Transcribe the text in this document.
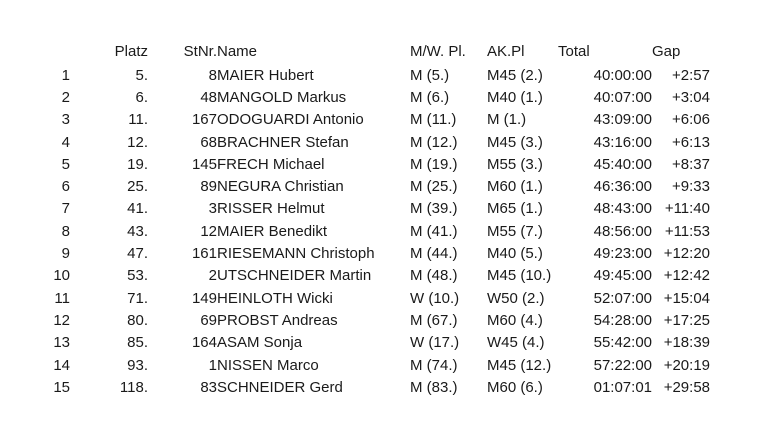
	Platz	StNr.	Name	M/W. Pl.	AK.Pl	Total	Gap
1	5.	8	MAIER Hubert	M (5.)	M45 (2.)	40:00:00	+2:57
2	6.	48	MANGOLD Markus	M (6.)	M40 (1.)	40:07:00	+3:04
3	11.	167	ODOGUARDI Antonio	M (11.)	M (1.)	43:09:00	+6:06
4	12.	68	BRACHNER Stefan	M (12.)	M45 (3.)	43:16:00	+6:13
5	19.	145	FRECH Michael	M (19.)	M55 (3.)	45:40:00	+8:37
6	25.	89	NEGURA Christian	M (25.)	M60 (1.)	46:36:00	+9:33
7	41.	3	RISSER Helmut	M (39.)	M65 (1.)	48:43:00	+11:40
8	43.	12	MAIER Benedikt	M (41.)	M55 (7.)	48:56:00	+11:53
9	47.	161	RIESEMANN Christoph	M (44.)	M40 (5.)	49:23:00	+12:20
10	53.	2	UTSCHNEIDER Martin	M (48.)	M45 (10.)	49:45:00	+12:42
11	71.	149	HEINLOTH Wicki	W (10.)	W50 (2.)	52:07:00	+15:04
12	80.	69	PROBST Andreas	M (67.)	M60 (4.)	54:28:00	+17:25
13	85.	164	ASAM Sonja	W (17.)	W45 (4.)	55:42:00	+18:39
14	93.	1	NISSEN Marco	M (74.)	M45 (12.)	57:22:00	+20:19
15	118.	83	SCHNEIDER Gerd	M (83.)	M60 (6.)	01:07:01	+29:58
